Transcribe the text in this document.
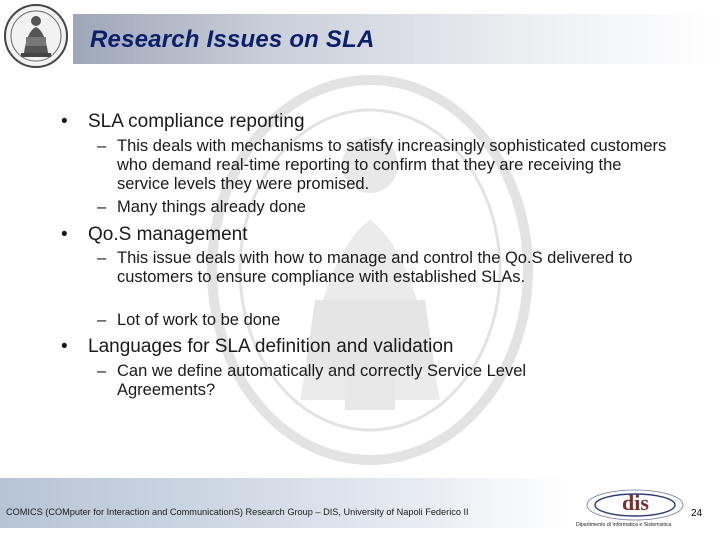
Research Issues on SLA
• SLA compliance reporting
– This deals with mechanisms to satisfy increasingly sophisticated customers who demand real-time reporting to confirm that they are receiving the service levels they were promised.
– Many things already done
• Qo.S management
– This issue deals with how to manage and control the Qo.S delivered to customers to ensure compliance with established SLAs.
– Lot of work to be done
• Languages for SLA definition and validation
– Can we define automatically and correctly Service Level Agreements?
COMICS (COMputer for Interaction and CommunicationS) Research Group – DIS, University of Napoli Federico II	dis
Dipartimento di Informatica e Sistemistica
24
